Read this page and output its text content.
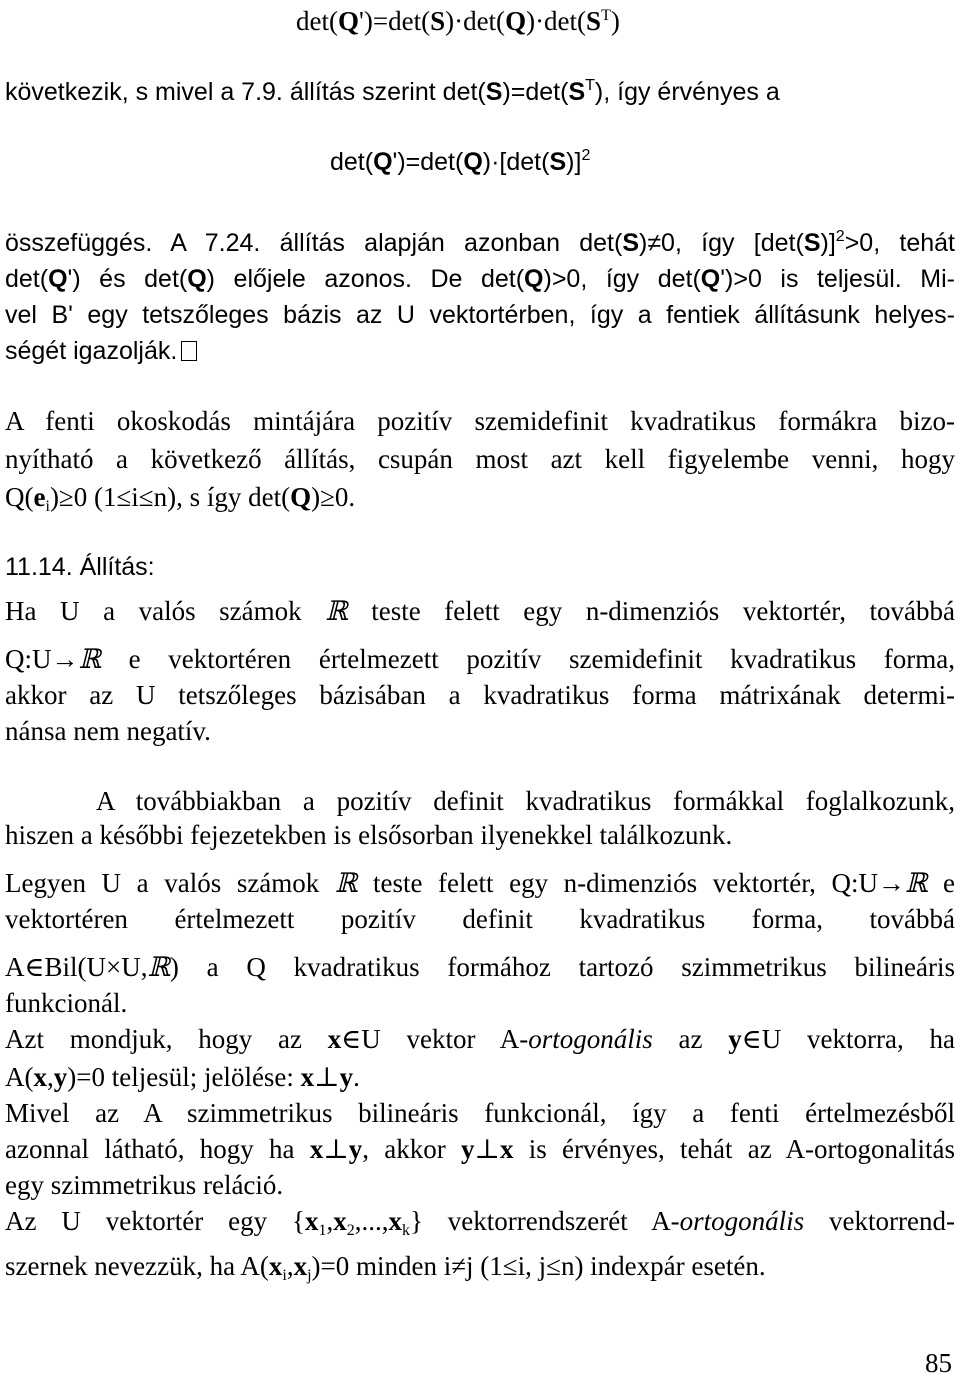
$\det(Q')=\det(S)\cdot\det(Q)\cdot\det(S^T)$
következik, s mivel a 7.9. állítás szerint $\det(S)=\det(S^T)$, így érvényes a
$\det(Q')=\det(Q)\cdot[\det(S)]^2$
összefüggés. A 7.24. állítás alapján azonban det(S)≠0, így $[\det(S)]^2>0$, tehát
det(Q') és det(Q) előjele azonos. De det(Q)>0, így det(Q')>0 is teljesül. Mi-
vel B' egy tetszőleges bázis az U vektortérben, így a fentiek állításunk helyes-
ségét igazolják.
A fenti okoskodás mintájára pozitív szemidefinit kvadratikus formákra bizo-
nyítható a következő állítás, csupán most azt kell figyelembe venni, hogy
$Q(e_i)\ge 0$ (1≤i≤n), s így det(Q)≥0.
11.14. Állítás:
Ha U a valós számok ℝ teste felett egy n-dimenziós vektortér, továbbá
Q:U→ℝ e vektortéren értelmezett pozitív szemidefinit kvadratikus forma,
akkor az U tetszőleges bázisában a kvadratikus forma mátrixának determi-
nánsa nem negatív.
A továbbiakban a pozitív definit kvadratikus formákkal foglalkozunk,
hiszen a későbbi fejezetekben is elsősorban ilyenekkel találkozunk.
Legyen U a valós számok ℝ teste felett egy n-dimenziós vektortér, Q:U→ℝ e
vektortéren értelmezett pozitív definit kvadratikus forma, továbbá
A∈Bil(U×U,ℝ) a Q kvadratikus formához tartozó szimmetrikus bilineáris
funkcionál.
Azt mondjuk, hogy az x∈U vektor A-ortogonális az y∈U vektorra, ha
A(x,y)=0 teljesül; jelölése: x⊥y.
Mivel az A szimmetrikus bilineáris funkcionál, így a fenti értelmezésből
azonnal látható, hogy ha x⊥y, akkor y⊥x is érvényes, tehát az A-ortogonalitás
egy szimmetrikus reláció.
Az U vektortér egy $\{x_1,x_2,...,x_k\}$ vektorrendszerét A-ortogonális vektorrend-
szernek nevezzük, ha $A(x_i,x_j)=0$ minden i≠j (1≤i, j≤n) indexpár esetén.
85
